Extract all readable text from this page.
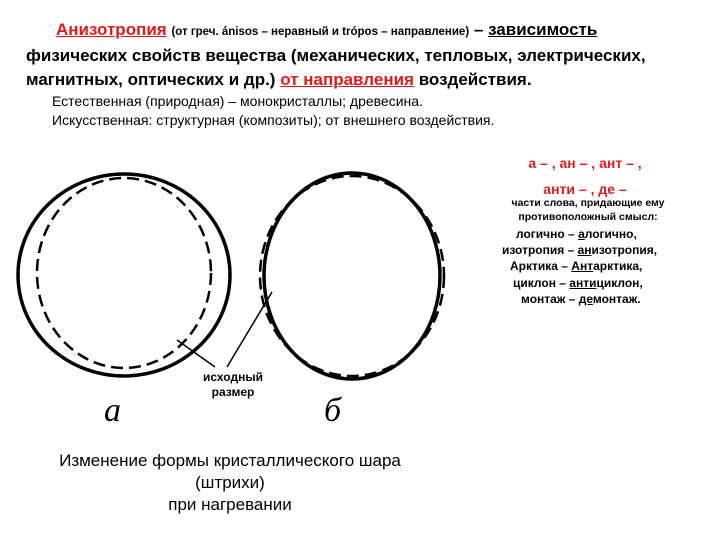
Анизотропия (от греч. ánisos – неравный и trópos – направление) – зависимость
физических свойств вещества (механических, тепловых, электрических, магнитных, оптических и др.) от направления воздействия.
Естественная (природная) – монокристаллы; древесина.
Искусственная: структурная (композиты); от внешнего воздействия.
а – , ан – , ант – ,
анти – , де –
части слова, придающие ему противоположный смысл:
логично – алогично,
изотропия – анизотропия,
Арктика – Антарктика,
циклон – антициклон,
монтаж – демонтаж.
исходный размер
а	б
Изменение формы кристаллического шара
(штрихи)
при нагревании
